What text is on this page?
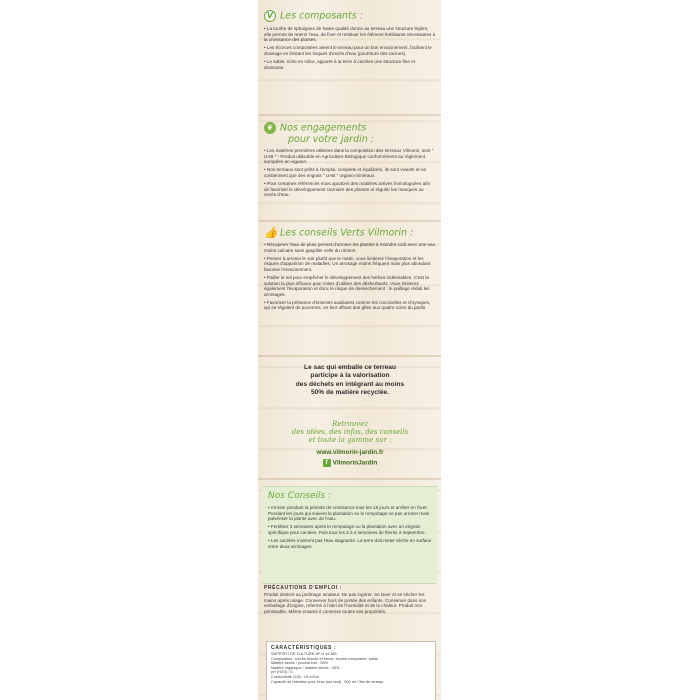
V Les composants :

• La tourbe de sphaignes de haute qualité donne au terreau une structure légère, elle permet de retenir l'eau, de fixer et restituer les élément fertilisants nécessaires à la croissance des plantes.

• Les écorces compostées aèrent le terreau pour un bon enracinement, facilitent le drainage en limitant les risques d'excès d'eau (pourriture des racines).

• Le sable, riche en silice, apporte à la terre à cactées une structure fine et drainante.

❦ Nos engagements
pour votre jardin :

• Les matières premières utilisées dans la composition des terreaux Vilmorin, sont " UAB " - Produit utilisable en Agriculture Biologique conformément au règlement européen en vigueur.

• Nos terreaux sont prêts à l'emploi, complets et équilibrés, ils sont vivants et ne contiennent que des engrais " UAB " organo-minéraux.

• Pour certaines références nous ajoutons des matières actives homologuées afin de favoriser le développement racinaire des plantes et réguler les manques ou excès d'eau.

👍 Les conseils Verts Vilmorin :

• Récupérer l'eau de pluie permet d'arroser les plantes à moindre coût avec une eau moins calcaire sans gaspiller celle du robinet.

• Penser à arroser le soir plutôt que le matin, vous limiterez l'évaporation et les risques d'apparition de maladies. Un arrosage moins fréquent mais plus abondant favorise l'enracinement.

• Pailler le sol pour empêcher le développement des herbes indésirables. C'est la solution la plus efficace pour éviter d'utiliser des désherbants. Vous limiterez également l'évaporation et donc le risque de dessèchement : le paillage réduit les arrosages.

• Favoriser la présence d'insectes auxiliaires comme les coccinelles et chrysopes, qui se régalent de pucerons, en leur offrant des gîtes aux quatre coins du jardin.

Le sac qui emballe ce terreau
participe à la valorisation
des déchets en intégrant au moins
50% de matière recyclée.
Retrouvez
des idées, des infos, des conseils
et toute la gamme sur :
www.vilmorin-jardin.fr
f VilmorinJardin
Nos Conseils :

• Arroser pendant la période de croissance tous les 15 jours et arrêter en hiver. Pendant les jours qui suivent la plantation ou le rempotage ne pas arroser mais pulvériser la plante avec de l'eau.

• Fertiliser 3 semaines après le rempotage ou la plantation avec un engrais spécifique pour cactées. Puis tous les 3 à 4 semaines de février à septembre.

• Les cactées n'aiment pas l'eau stagnante. La terre doit rester sèche en surface entre deux arrosages.

PRÉCAUTIONS D'EMPLOI :
Produit destiné au jardinage amateur. Ne pas ingérer. Se laver et se sécher les mains après usage. Conserver hors de portée des enfants. Conserver dans son emballage d'origine, refermé à l'abri de l'humidité et de la chaleur. Produit non pénissable. Même entamé il conserve toutes ses propriétés.
CARACTÉRISTIQUES :
SUPPORT DE CULTURE NF U 44-551
Composition : tourbe blonde et brune, écorce compostée, sable.
Matière sèche / produit brut : 55%
Matière organique / matière sèche : 30%
pH (H2O) : 6
Conductivité (1/5) : 15 mS/m
Capacité de rétention pour l'eau (sur brut) : 500 ml / litre de terreau
